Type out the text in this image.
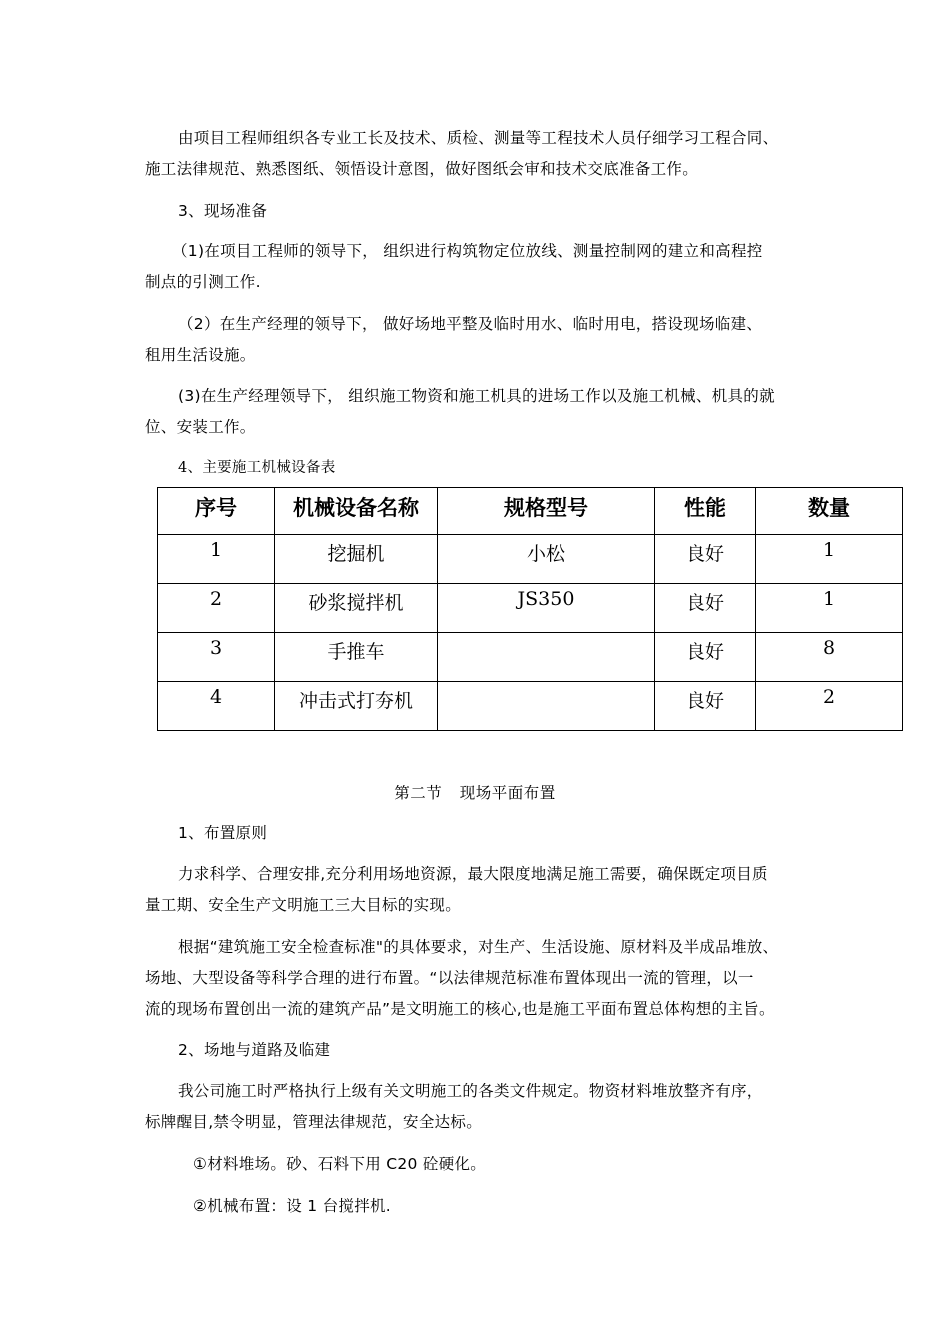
由项目工程师组织各专业工长及技术、质检、测量等工程技术人员仔细学习工程合同、
施工法律规范、熟悉图纸、领悟设计意图，做好图纸会审和技术交底准备工作。
3、现场准备
（1)在项目工程师的领导下， 组织进行构筑物定位放线、测量控制网的建立和高程控
制点的引测工作.
（2）在生产经理的领导下， 做好场地平整及临时用水、临时用电，搭设现场临建、
租用生活设施。
(3)在生产经理领导下， 组织施工物资和施工机具的进场工作以及施工机械、机具的就
位、安装工作。
4、主要施工机械设备表
序号	机械设备名称	规格型号	性能	数量
1	挖掘机	小松	良好	1
2	砂浆搅拌机	JS350	良好	1
3	手推车		良好	8
4	冲击式打夯机		良好	2
第二节 现场平面布置
1、布置原则
力求科学、合理安排,充分利用场地资源，最大限度地满足施工需要，确保既定项目质
量工期、安全生产文明施工三大目标的实现。
根据“建筑施工安全检查标准"的具体要求，对生产、生活设施、原材料及半成品堆放、
场地、大型设备等科学合理的进行布置。“以法律规范标准布置体现出一流的管理，以一
流的现场布置创出一流的建筑产品”是文明施工的核心,也是施工平面布置总体构想的主旨。
2、场地与道路及临建
我公司施工时严格执行上级有关文明施工的各类文件规定。物资材料堆放整齐有序，
标牌醒目,禁令明显，管理法律规范，安全达标。
①材料堆场。砂、石料下用 C20 砼硬化。
②机械布置：设 1 台搅拌机.
